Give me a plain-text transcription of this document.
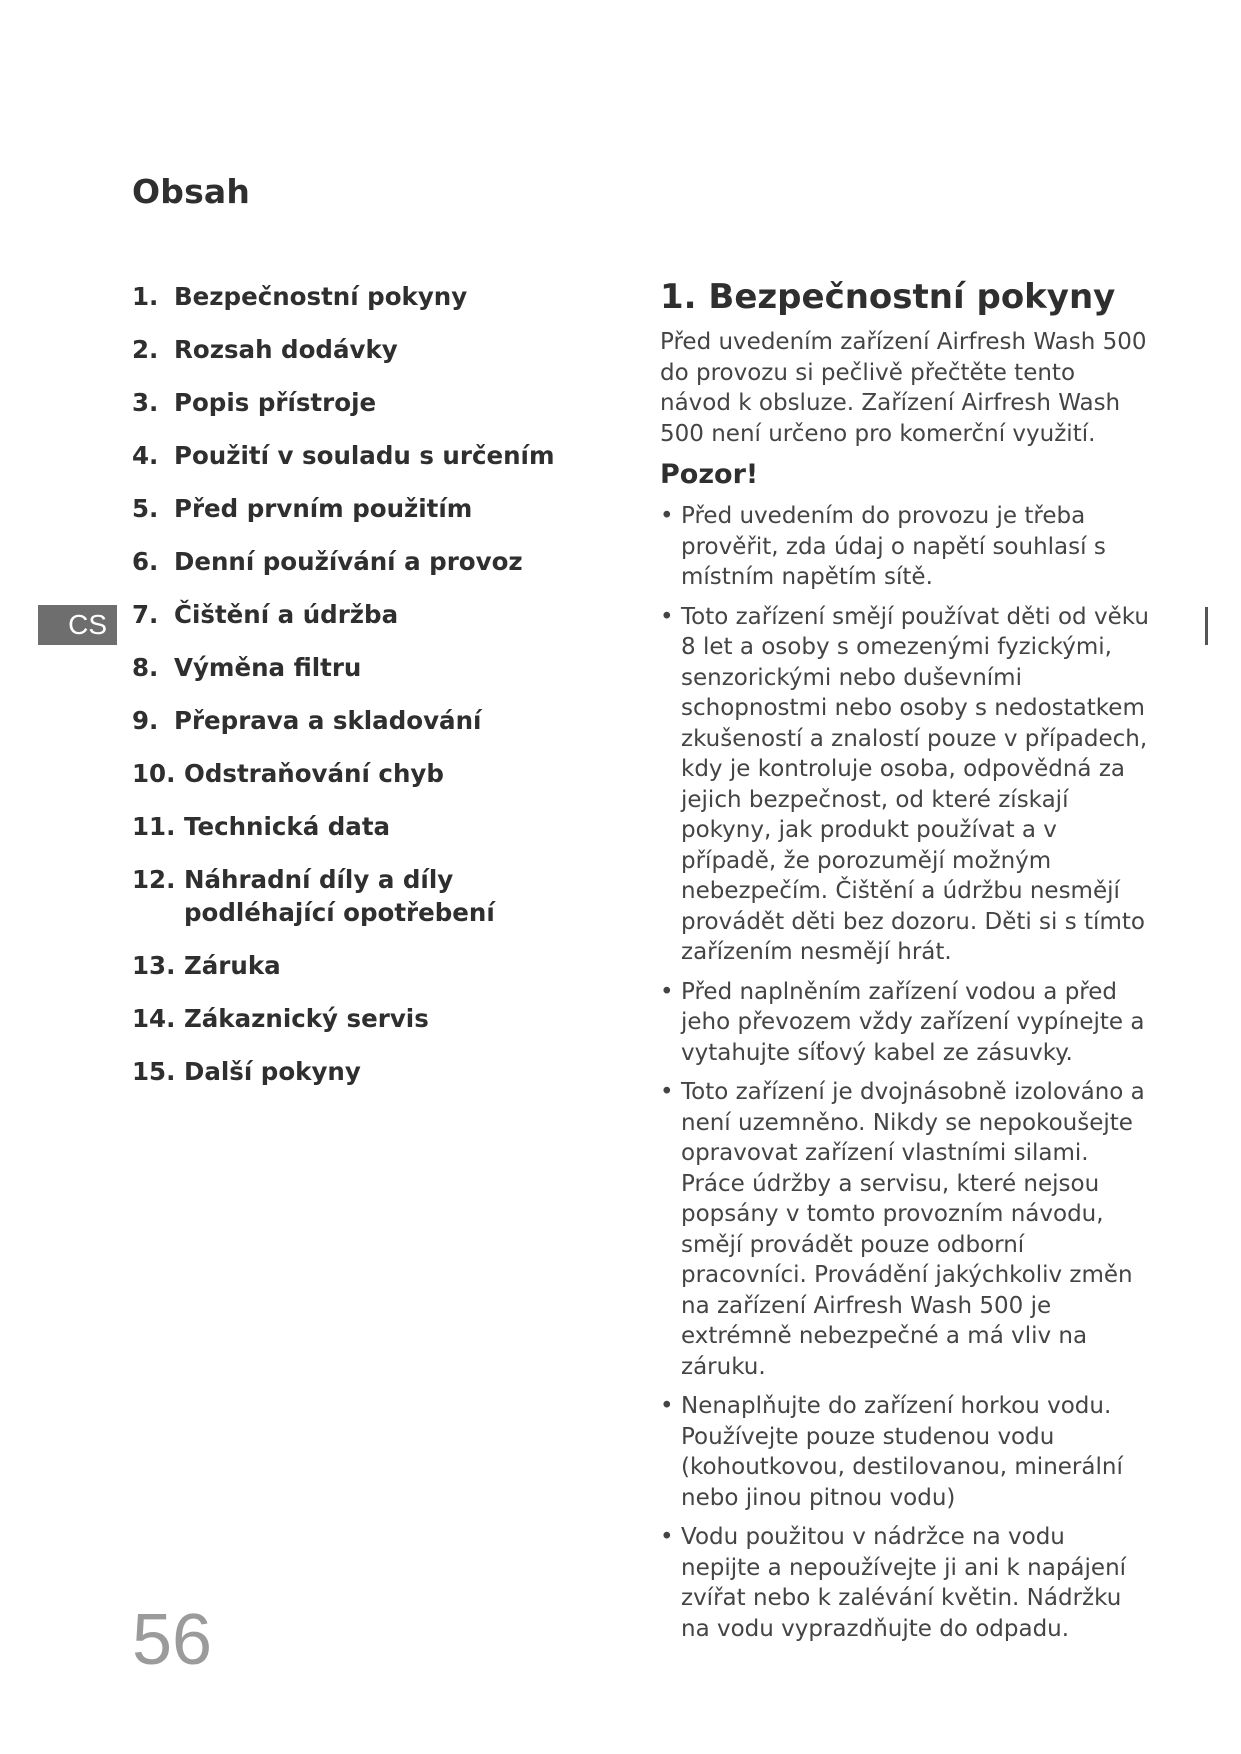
Obsah
CS
1. Bezpečnostní pokyny
2. Rozsah dodávky
3. Popis přístroje
4. Použití v souladu s určením
5. Před prvním použitím
6. Denní používání a provoz
7. Čištění a údržba
8. Výměna filtru
9. Přeprava a skladování
10. Odstraňování chyb
11. Technická data
12. Náhradní díly a díly podléhající opotřebení
13. Záruka
14. Zákaznický servis
15. Další pokyny
1. Bezpečnostní pokyny

Před uvedením zařízení Airfresh Wash 500 do provozu si pečlivě přečtěte tento návod k obsluze. Zařízení Airfresh Wash 500 není určeno pro komerční využití.

Pozor!
• Před uvedením do provozu je třeba prověřit, zda údaj o napětí souhlasí s místním napětím sítě.
• Toto zařízení smějí používat děti od věku 8 let a osoby s omezenými fyzickými, senzorickými nebo duševními schopnostmi nebo osoby s nedostatkem zkušeností a znalostí pouze v případech, kdy je kontroluje osoba, odpovědná za jejich bezpečnost, od které získají pokyny, jak produkt používat a v případě, že porozumějí možným nebezpečím. Čištění a údržbu nesmějí provádět děti bez dozoru. Děti si s tímto zařízením nesmějí hrát.
• Před naplněním zařízení vodou a před jeho převozem vždy zařízení vypínejte a vytahujte síťový kabel ze zásuvky.
• Toto zařízení je dvojnásobně izolováno a není uzemněno. Nikdy se nepokoušejte opravovat zařízení vlastními silami. Práce údržby a servisu, které nejsou popsány v tomto provozním návodu, smějí provádět pouze odborní pracovníci. Provádění jakýchkoliv změn na zařízení Airfresh Wash 500 je extrémně nebezpečné a má vliv na záruku.
• Nenaplňujte do zařízení horkou vodu. Používejte pouze studenou vodu (kohoutkovou, destilovanou, minerální nebo jinou pitnou vodu)
• Vodu použitou v nádržce na vodu nepijte a nepoužívejte ji ani k napájení zvířat nebo k zalévání květin. Nádržku na vodu vyprazdňujte do odpadu.
56
